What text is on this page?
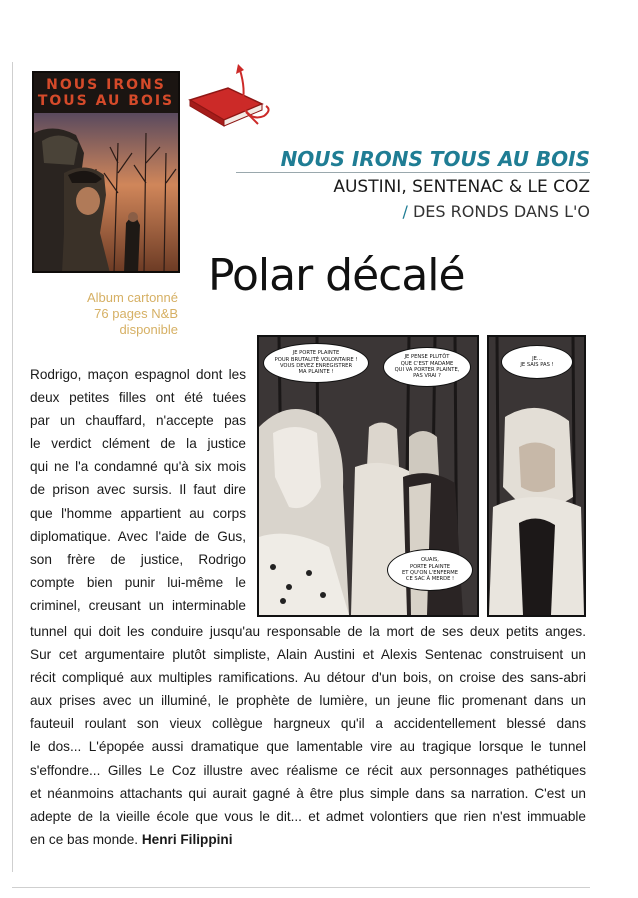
NOUS IRONS
TOUS AU BOIS
NOUS IRONS TOUS AU BOIS
AUSTINI, SENTENAC & LE COZ
/ DES RONDS DANS L'O
Polar décalé
Album cartonné
76 pages N&B
disponible
JE PORTE PLAINTE
POUR BRUTALITÉ VOLONTAIRE !
VOUS DEVEZ ENREGISTRER
MA PLAINTE !
JE PENSE PLUTÔT
QUE C'EST MADAME
QUI VA PORTER PLAINTE,
PAS VRAI ?
OUAIS,
PORTE PLAINTE
ET QU'ON L'ENFERME
CE SAC À MERDE !
JE...
JE SAIS PAS !
Rodrigo, maçon espagnol dont les
deux petites filles ont été tuées
par un chauffard, n'accepte pas
le verdict clément de la justice
qui ne l'a condamné qu'à six mois
de prison avec sursis. Il faut dire
que l'homme appartient au corps
diplomatique. Avec l'aide de Gus,
son frère de justice, Rodrigo
compte bien punir lui-même le
criminel, creusant un interminable
tunnel qui doit les conduire jusqu'au responsable de la mort de ses deux petits anges.
Sur cet argumentaire plutôt simpliste, Alain Austini et Alexis Sentenac construisent un
récit compliqué aux multiples ramifications. Au détour d'un bois, on croise des sans-abri
aux prises avec un illuminé, le prophète de lumière, un jeune flic promenant dans un
fauteuil roulant son vieux collègue hargneux qu'il a accidentellement blessé dans
le dos... L'épopée aussi dramatique que lamentable vire au tragique lorsque le tunnel
s'effondre... Gilles Le Coz illustre avec réalisme ce récit aux personnages pathétiques
et néanmoins attachants qui aurait gagné à être plus simple dans sa narration. C'est un
adepte de la vieille école que vous le dit... et admet volontiers que rien n'est immuable
en ce bas monde. Henri Filippini
